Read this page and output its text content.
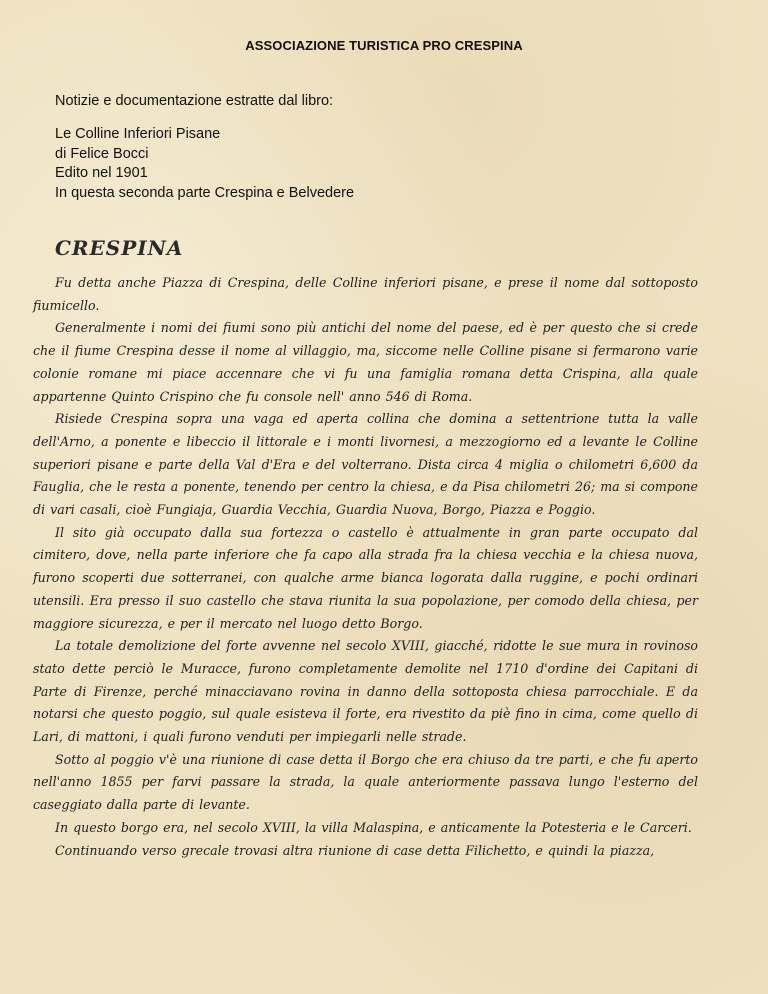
ASSOCIAZIONE TURISTICA PRO CRESPINA
Notizie e documentazione estratte dal libro:
Le Colline Inferiori Pisane
di Felice Bocci
Edito nel 1901
In questa seconda parte Crespina e Belvedere
CRESPINA

Fu detta anche Piazza di Crespina, delle Colline inferiori pisane, e prese il nome dal sottoposto fiumicello.

Generalmente i nomi dei fiumi sono più antichi del nome del paese, ed è per questo che si crede che il fiume Crespina desse il nome al villaggio, ma, siccome nelle Colline pisane si fermarono varie colonie romane mi piace accennare che vi fu una famiglia romana detta Crispina, alla quale appartenne Quinto Crispino che fu console nell' anno 546 di Roma.

Risiede Crespina sopra una vaga ed aperta collina che domina a settentrione tutta la valle dell'Arno, a ponente e libeccio il littorale e i monti livornesi, a mezzogiorno ed a levante le Colline superiori pisane e parte della Val d'Era e del volterrano. Dista circa 4 miglia o chilometri 6,600 da Fauglia, che le resta a ponente, tenendo per centro la chiesa, e da Pisa chilometri 26; ma si compone di vari casali, cioè Fungiaja, Guardia Vecchia, Guardia Nuova, Borgo, Piazza e Poggio.

Il sito già occupato dalla sua fortezza o castello è attualmente in gran parte occupato dal cimitero, dove, nella parte inferiore che fa capo alla strada fra la chiesa vecchia e la chiesa nuova, furono scoperti due sotterranei, con qualche arme bianca logorata dalla ruggine, e pochi ordinari utensili. Era presso il suo castello che stava riunita la sua popolazione, per comodo della chiesa, per maggiore sicurezza, e per il mercato nel luogo detto Borgo.

La totale demolizione del forte avvenne nel secolo XVIII, giacché, ridotte le sue mura in rovinoso stato dette perciò le Muracce, furono completamente demolite nel 1710 d'ordine dei Capitani di Parte di Firenze, perché minacciavano rovina in danno della sottoposta chiesa parrocchiale. E da notarsi che questo poggio, sul quale esisteva il forte, era rivestito da piè fino in cima, come quello di Lari, di mattoni, i quali furono venduti per impiegarli nelle strade.

Sotto al poggio v'è una riunione di case detta il Borgo che era chiuso da tre parti, e che fu aperto nell'anno 1855 per farvi passare la strada, la quale anteriormente passava lungo l'esterno del caseggiato dalla parte di levante.

In questo borgo era, nel secolo XVIII, la villa Malaspina, e anticamente la Potesteria e le Carceri.

Continuando verso grecale trovasi altra riunione di case detta Filichetto, e quindi la piazza,
